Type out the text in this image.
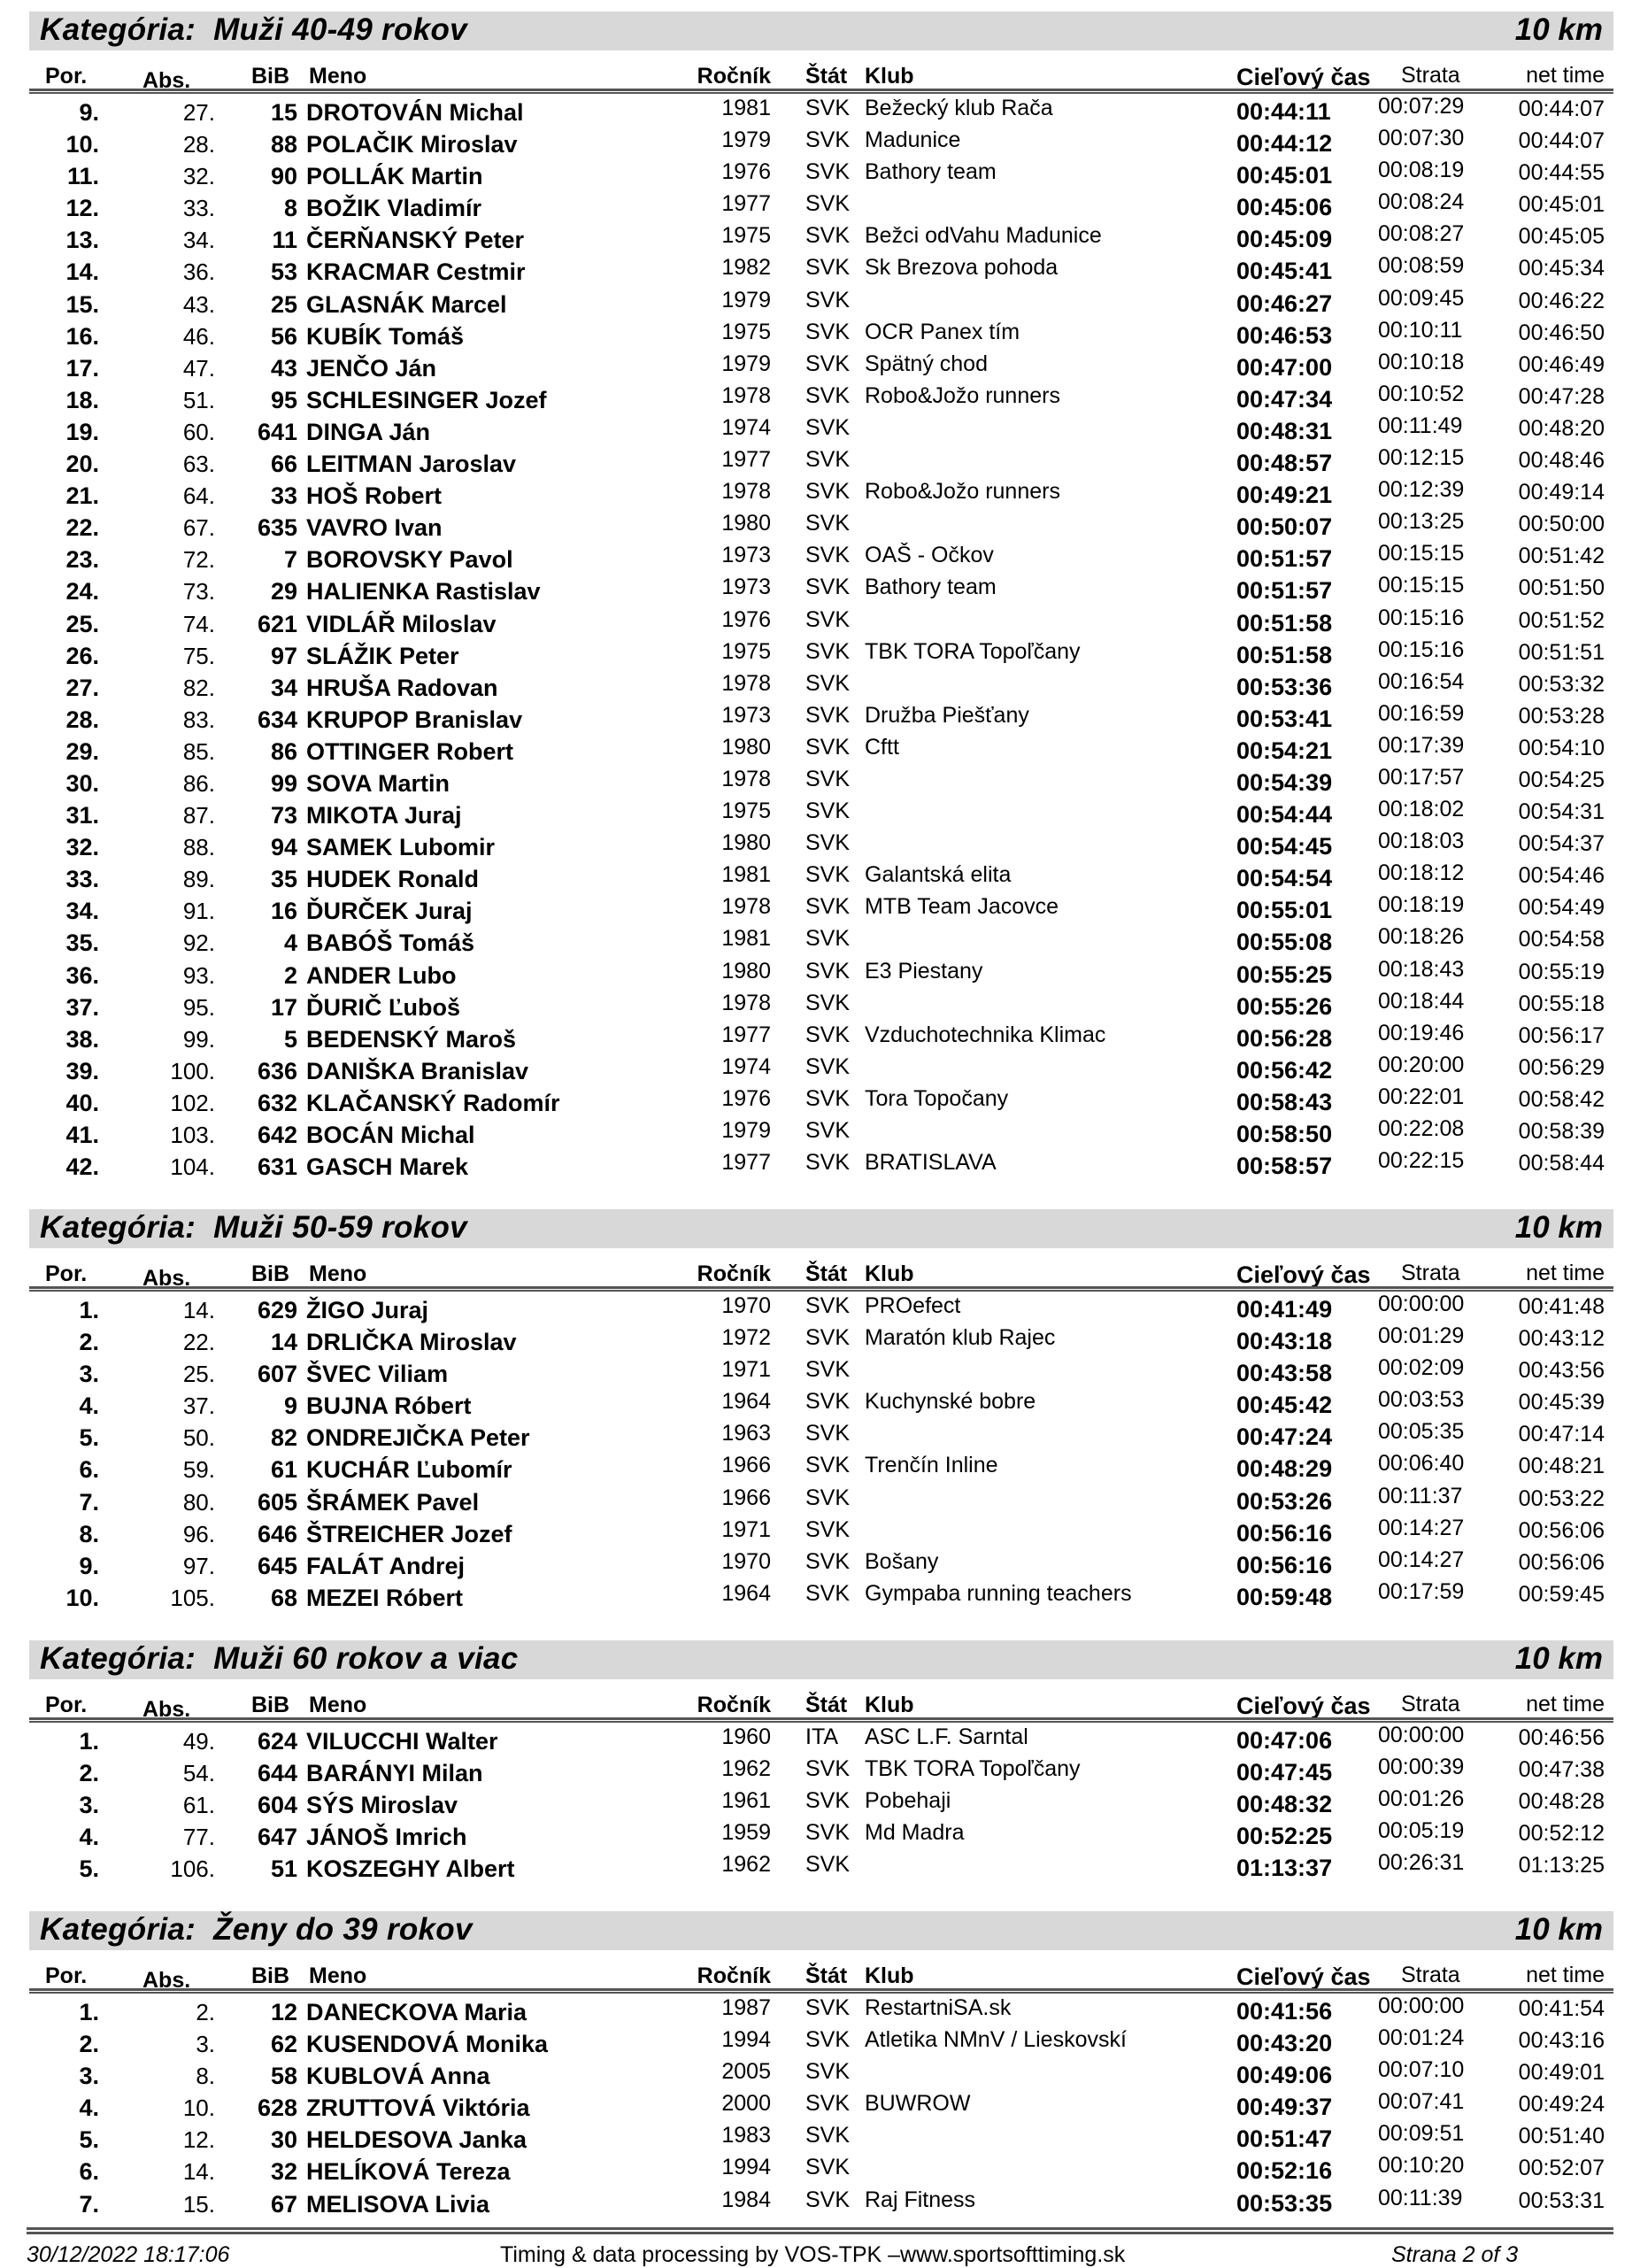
Kategória: Muži 40-49 rokov	10 km
Por.	Abs.	BiB Meno	Ročník Štát Klub	Cieľový čas Strata	net time
9.	27. 15 DROTOVÁN Michal	1981 SVK Bežecký klub Rača	00:44:11 00:07:29 00:44:07
10.	28. 88 POLAČIK Miroslav	1979 SVK Madunice	00:44:12 00:07:30 00:44:07
11.	32. 90 POLLÁK Martin	1976 SVK Bathory team	00:45:01 00:08:19 00:44:55
12.	33.	8 BOŽIK Vladimír	1977 SVK	00:45:06 00:08:24 00:45:01
13.	34. 11 ČERŇANSKÝ Peter	1975 SVK Bežci odVahu Madunice	00:45:09 00:08:27 00:45:05
14.	36. 53 KRACMAR Cestmir	1982 SVK Sk Brezova pohoda	00:45:41 00:08:59 00:45:34
15.	43. 25 GLASNÁK Marcel	1979 SVK	00:46:27 00:09:45 00:46:22
16.	46. 56 KUBÍK Tomáš	1975 SVK OCR Panex tím	00:46:53 00:10:11	00:46:50
17.	47. 43 JENČO Ján	1979 SVK Spätný chod	00:47:00 00:10:18 00:46:49
18.	51. 95 SCHLESINGER Jozef	1978 SVK Robo&Jožo runners	00:47:34 00:10:52 00:47:28
19.	60. 641 DINGA Ján	1974 SVK	00:48:31 00:11:49	00:48:20
20.	63. 66 LEITMAN Jaroslav	1977 SVK	00:48:57 00:12:15 00:48:46
21.	64. 33 HOŠ Robert	1978 SVK Robo&Jožo runners	00:49:21 00:12:39 00:49:14
22.	67. 635 VAVRO Ivan	1980 SVK	00:50:07 00:13:25 00:50:00
23.	72.	7 BOROVSKY Pavol	1973 SVK OAŠ - Očkov	00:51:57 00:15:15 00:51:42
24.	73. 29 HALIENKA Rastislav	1973 SVK Bathory team	00:51:57 00:15:15 00:51:50
25.	74. 621 VIDLÁŘ Miloslav	1976 SVK	00:51:58 00:15:16 00:51:52
26.	75. 97 SLÁŽIK Peter	1975 SVK TBK TORA Topoľčany	00:51:58 00:15:16 00:51:51
27.	82. 34 HRUŠA Radovan	1978 SVK	00:53:36 00:16:54 00:53:32
28.	83. 634 KRUPOP Branislav	1973 SVK Družba Piešťany	00:53:41 00:16:59 00:53:28
29.	85. 86 OTTINGER Robert	1980 SVK Cftt	00:54:21 00:17:39 00:54:10
30.	86. 99 SOVA Martin	1978 SVK	00:54:39 00:17:57 00:54:25
31.	87. 73 MIKOTA Juraj	1975 SVK	00:54:44 00:18:02 00:54:31
32.	88. 94 SAMEK Lubomir	1980 SVK	00:54:45 00:18:03 00:54:37
33.	89. 35 HUDEK Ronald	1981 SVK Galantská elita	00:54:54 00:18:12 00:54:46
34.	91. 16 ĎURČEK Juraj	1978 SVK MTB Team Jacovce	00:55:01 00:18:19 00:54:49
35.	92.	4 BABÓŠ Tomáš	1981 SVK	00:55:08 00:18:26 00:54:58
36.	93.	2 ANDER Lubo	1980 SVK E3 Piestany	00:55:25 00:18:43 00:55:19
37.	95. 17 ĎURIČ Ľuboš	1978 SVK	00:55:26 00:18:44 00:55:18
38.	99.	5 BEDENSKÝ Maroš	1977 SVK Vzduchotechnika Klimac	00:56:28 00:19:46 00:56:17
39.	100. 636 DANIŠKA Branislav	1974 SVK	00:56:42 00:20:00 00:56:29
40.	102. 632 KLAČANSKÝ Radomír	1976 SVK Tora Topočany	00:58:43 00:22:01 00:58:42
41.	103. 642 BOCÁN Michal	1979 SVK	00:58:50 00:22:08 00:58:39
42.	104. 631 GASCH Marek	1977 SVK BRATISLAVA	00:58:57 00:22:15 00:58:44
Kategória: Muži 50-59 rokov	10 km
Por.	Abs.	BiB Meno	Ročník Štát Klub	Cieľový čas Strata	net time
1.	14. 629 ŽIGO Juraj	1970 SVK PROefect	00:41:49 00:00:00 00:41:48
2.	22. 14 DRLIČKA Miroslav	1972 SVK Maratón klub Rajec	00:43:18 00:01:29 00:43:12
3.	25. 607 ŠVEC Viliam	1971 SVK	00:43:58 00:02:09 00:43:56
4.	37.	9 BUJNA Róbert	1964 SVK Kuchynské bobre	00:45:42 00:03:53 00:45:39
5.	50. 82 ONDREJIČKA Peter	1963 SVK	00:47:24 00:05:35 00:47:14
6.	59. 61 KUCHÁR Ľubomír	1966 SVK Trenčín Inline	00:48:29 00:06:40 00:48:21
7.	80. 605 ŠRÁMEK Pavel	1966 SVK	00:53:26 00:11:37	00:53:22
8.	96. 646 ŠTREICHER Jozef	1971 SVK	00:56:16 00:14:27 00:56:06
9.	97. 645 FALÁT Andrej	1970 SVK Bošany	00:56:16 00:14:27 00:56:06
10.	105. 68 MEZEI Róbert	1964 SVK Gympaba running teachers	00:59:48 00:17:59 00:59:45
Kategória: Muži 60 rokov a viac	10 km
Por.	Abs.	BiB Meno	Ročník Štát Klub	Cieľový čas Strata	net time
1.	49. 624 VILUCCHI Walter	1960 ITA ASC L.F. Sarntal	00:47:06 00:00:00 00:46:56
2.	54. 644 BARÁNYI Milan	1962 SVK TBK TORA Topoľčany	00:47:45 00:00:39 00:47:38
3.	61. 604 SÝS Miroslav	1961 SVK Pobehaji	00:48:32 00:01:26 00:48:28
4.	77. 647 JÁNOŠ Imrich	1959 SVK Md Madra	00:52:25 00:05:19 00:52:12
5.	106. 51 KOSZEGHY Albert	1962 SVK	01:13:37 00:26:31 01:13:25
Kategória: Ženy do 39 rokov	10 km
Por.	Abs.	BiB Meno	Ročník Štát Klub	Cieľový čas Strata	net time
1.	2. 12 DANECKOVA Maria	1987 SVK RestartniSA.sk	00:41:56 00:00:00 00:41:54
2.	3. 62 KUSENDOVÁ Monika	1994 SVK Atletika NMnV / Lieskovskí	00:43:20 00:01:24 00:43:16
3.	8. 58 KUBLOVÁ Anna	2005 SVK	00:49:06 00:07:10 00:49:01
4.	10. 628 ZRUTTOVÁ Viktória	2000 SVK BUWROW	00:49:37 00:07:41 00:49:24
5.	12. 30 HELDESOVA Janka	1983 SVK	00:51:47 00:09:51 00:51:40
6.	14. 32 HELÍKOVÁ Tereza	1994 SVK	00:52:16 00:10:20 00:52:07
7.	15. 67 MELISOVA Livia	1984 SVK Raj Fitness	00:53:35 00:11:39	00:53:31
30/12/2022 18:17:06	Timing & data processing by VOS-TPK –www.sportsofttiming.sk	Strana 2 of 3
